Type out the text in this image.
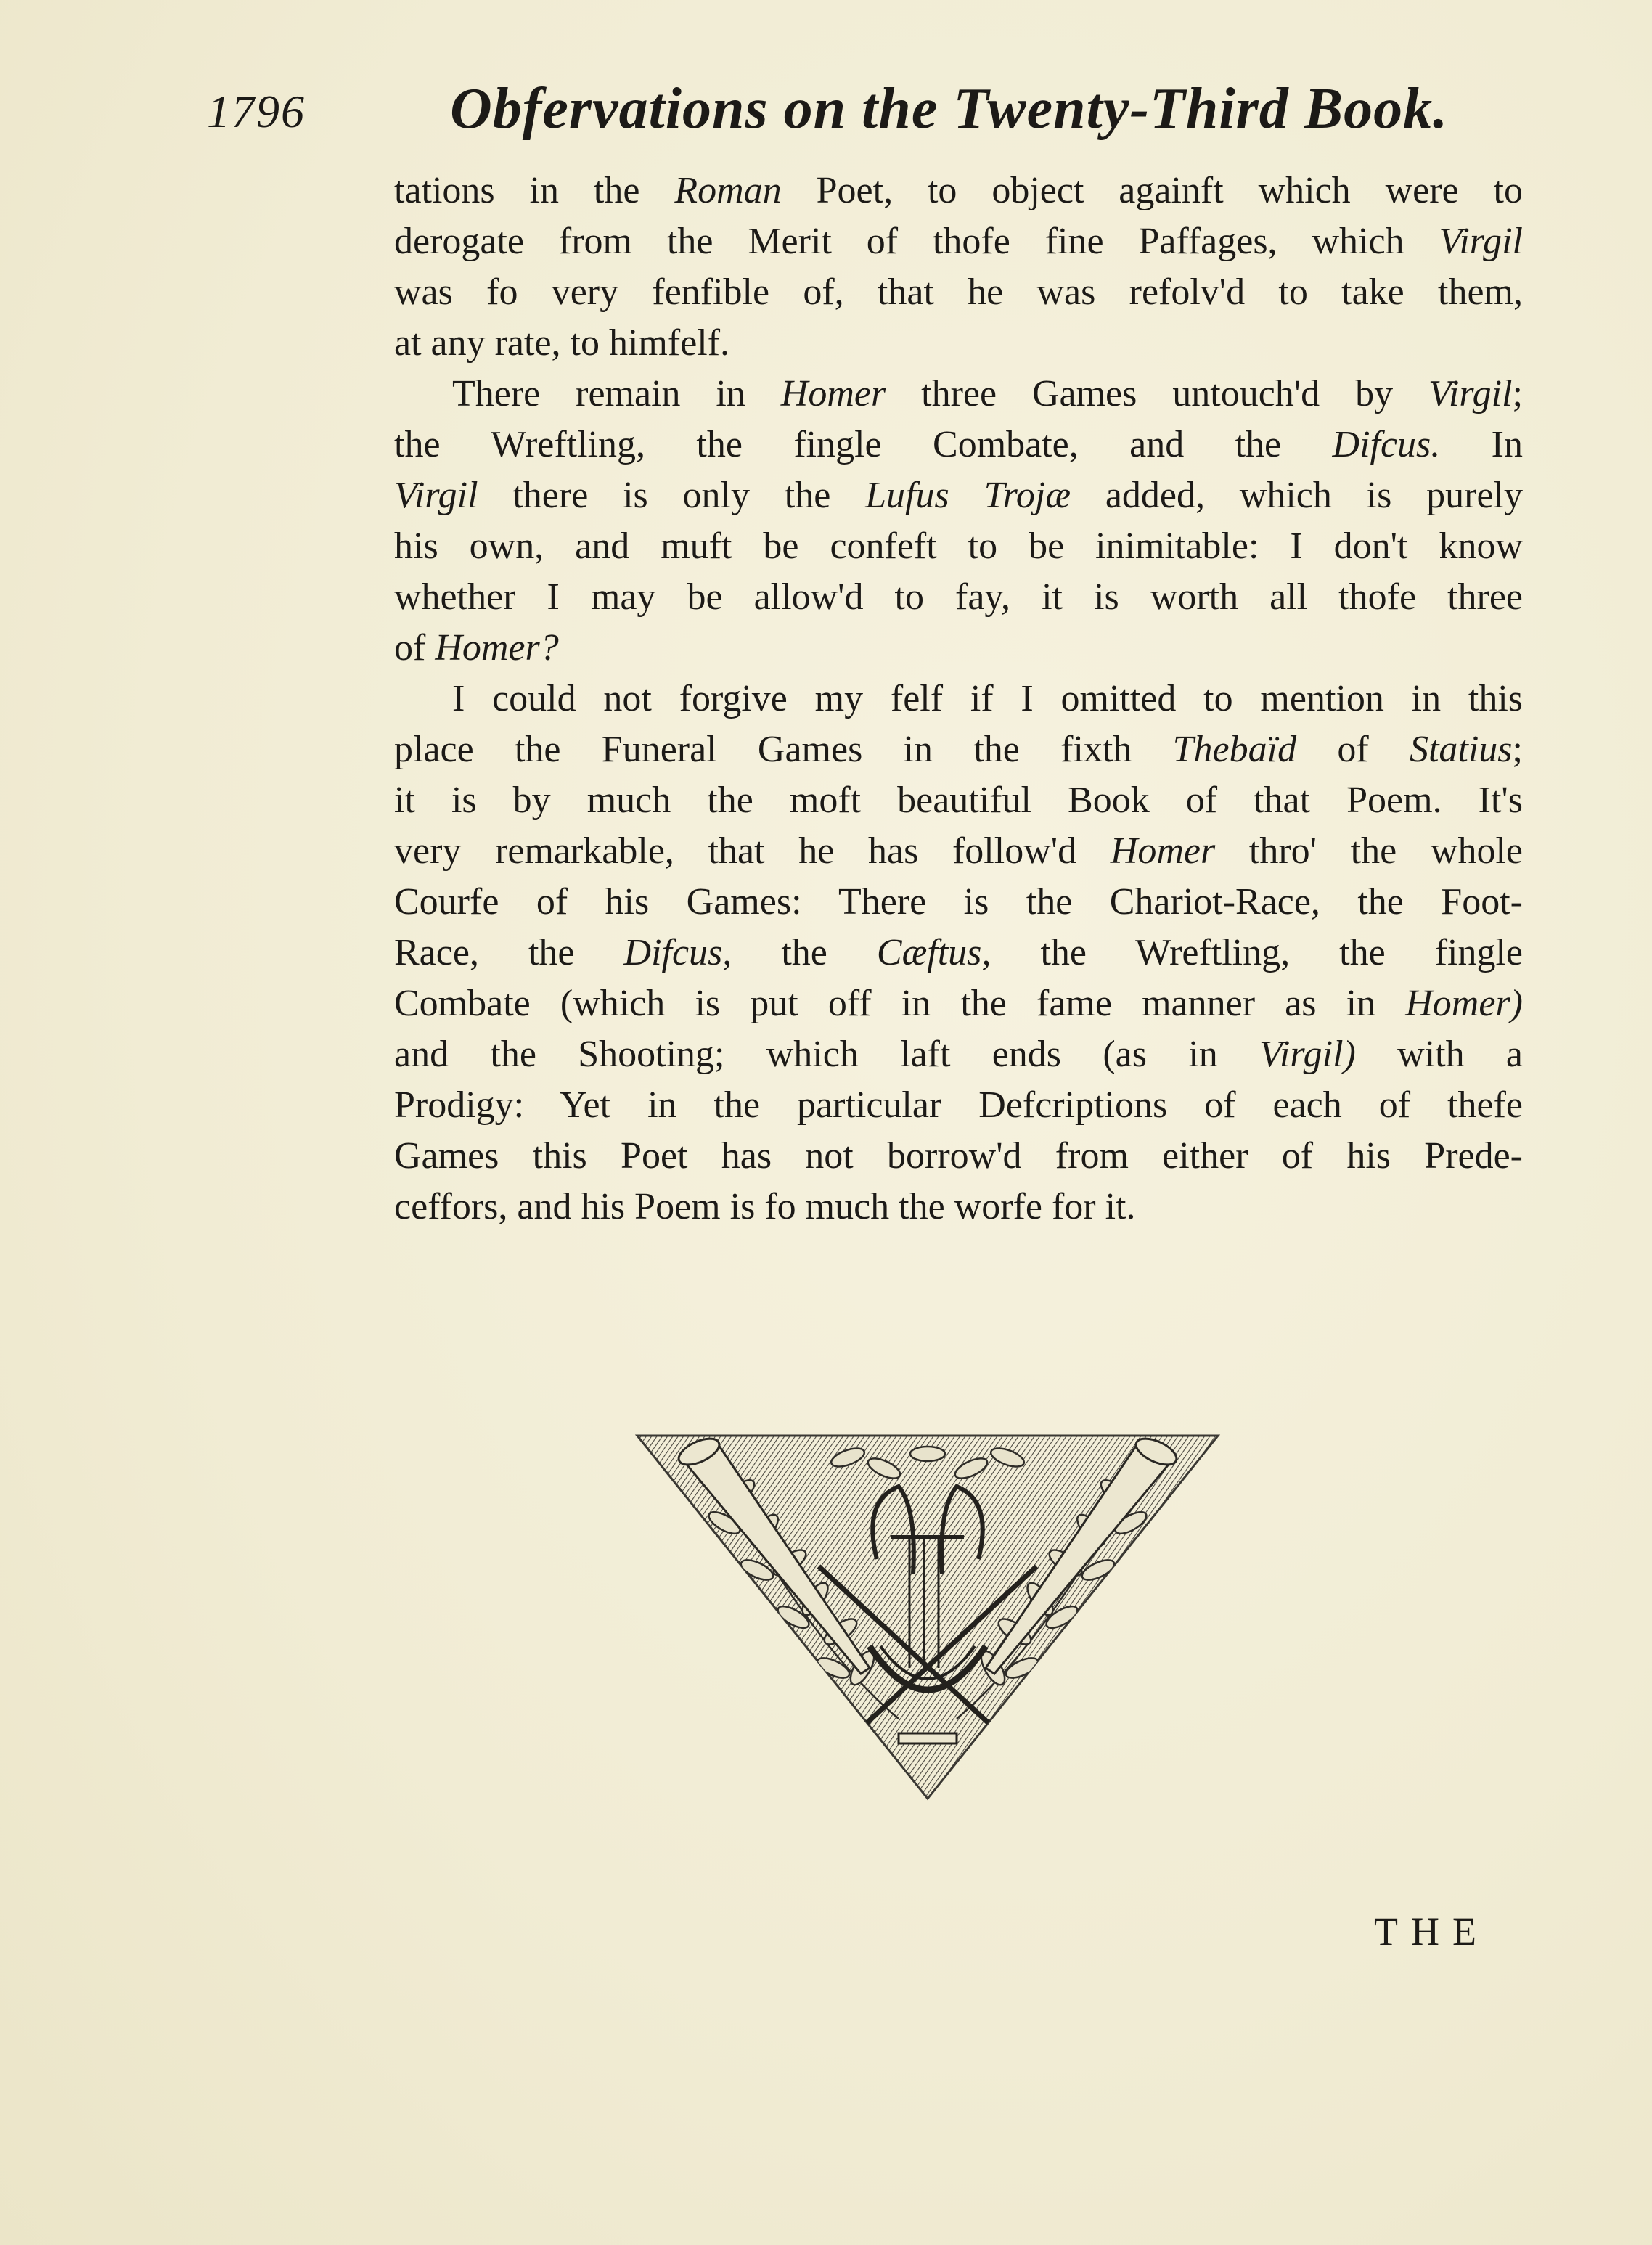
1796 Obfervations on the Twenty-Third Book.
tations in the Roman Poet, to object againft which were to
derogate from the Merit of thofe fine Paffages, which Virgil
was fo very fenfible of, that he was refolv'd to take them,
at any rate, to himfelf.
There remain in Homer three Games untouch'd by Virgil;
the Wreftling, the fingle Combate, and the Difcus. In
Virgil there is only the Lufus Trojæ added, which is purely
his own, and muft be confeft to be inimitable: I don't know
whether I may be allow'd to fay, it is worth all thofe three
of Homer?
I could not forgive my felf if I omitted to mention in this
place the Funeral Games in the fixth Thebaïd of Statius;
it is by much the moft beautiful Book of that Poem. It's
very remarkable, that he has follow'd Homer thro' the whole
Courfe of his Games: There is the Chariot-Race, the Foot-
Race, the Difcus, the Cæftus, the Wreftling, the fingle
Combate (which is put off in the fame manner as in Homer)
and the Shooting; which laft ends (as in Virgil) with a
Prodigy: Yet in the particular Defcriptions of each of thefe
Games this Poet has not borrow'd from either of his Prede-
ceffors, and his Poem is fo much the worfe for it.
THE
